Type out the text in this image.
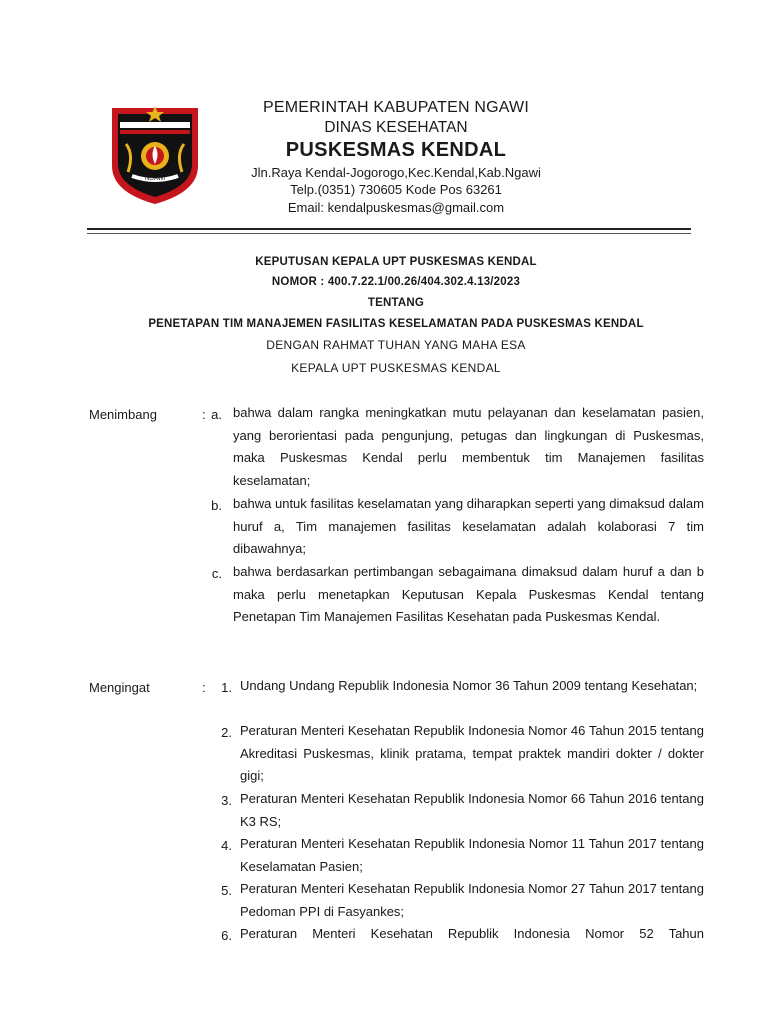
NGAWI
PEMERINTAH KABUPATEN NGAWI
DINAS KESEHATAN
PUSKESMAS KENDAL
Jln.Raya Kendal-Jogorogo,Kec.Kendal,Kab.Ngawi
Telp.(0351) 730605 Kode Pos 63261
Email: kendalpuskesmas@gmail.com
KEPUTUSAN KEPALA UPT PUSKESMAS KENDAL
NOMOR : 400.7.22.1/00.26/404.302.4.13/2023
TENTANG
PENETAPAN TIM MANAJEMEN FASILITAS KESELAMATAN PADA PUSKESMAS KENDAL
DENGAN RAHMAT TUHAN YANG MAHA ESA
KEPALA UPT PUSKESMAS KENDAL
Menimbang	: a. bahwa dalam rangka meningkatkan mutu pelayanan dan keselamatan pasien, yang berorientasi pada pengunjung, petugas dan lingkungan di Puskesmas, maka Puskesmas Kendal perlu membentuk tim Manajemen fasilitas keselamatan;
b. bahwa untuk fasilitas keselamatan yang diharapkan seperti yang dimaksud dalam huruf a, Tim manajemen fasilitas keselamatan adalah kolaborasi 7 tim dibawahnya;
c. bahwa berdasarkan pertimbangan sebagaimana dimaksud dalam huruf a dan b maka perlu menetapkan Keputusan Kepala Puskesmas Kendal tentang Penetapan Tim Manajemen Fasilitas Kesehatan pada Puskesmas Kendal.
Mengingat	:	1. Undang Undang Republik Indonesia Nomor 36 Tahun 2009 tentang Kesehatan;
2. Peraturan Menteri Kesehatan Republik Indonesia Nomor 46 Tahun 2015 tentang Akreditasi Puskesmas, klinik pratama, tempat praktek mandiri dokter / dokter gigi;
3. Peraturan Menteri Kesehatan Republik Indonesia Nomor 66 Tahun 2016 tentang K3 RS;
4. Peraturan Menteri Kesehatan Republik Indonesia Nomor 11 Tahun 2017 tentang Keselamatan Pasien;
5. Peraturan Menteri Kesehatan Republik Indonesia Nomor 27 Tahun 2017 tentang Pedoman PPI di Fasyankes;
6. Peraturan Menteri Kesehatan Republik Indonesia Nomor 52 Tahun
